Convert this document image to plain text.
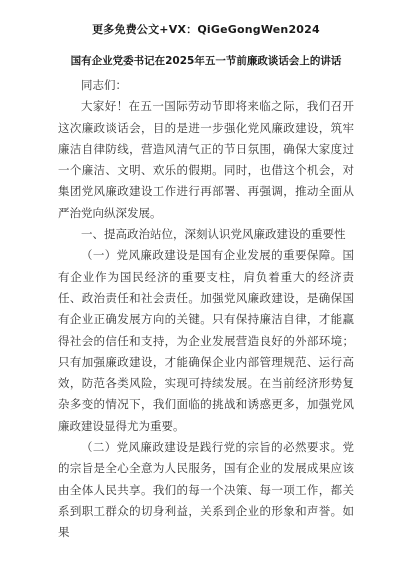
更多免费公文+VX：QiGeGongWen2024
国有企业党委书记在2025年五一节前廉政谈话会上的讲话
同志们：

大家好！在五一国际劳动节即将来临之际，我们召开这次廉政谈话会，目的是进一步强化党风廉政建设，筑牢廉洁自律防线，营造风清气正的节日氛围，确保大家度过一个廉洁、文明、欢乐的假期。同时，也借这个机会，对集团党风廉政建设工作进行再部署、再强调，推动全面从严治党向纵深发展。

一、提高政治站位，深刻认识党风廉政建设的重要性

（一）党风廉政建设是国有企业发展的重要保障。国有企业作为国民经济的重要支柱，肩负着重大的经济责任、政治责任和社会责任。加强党风廉政建设，是确保国有企业正确发展方向的关键。只有保持廉洁自律，才能赢得社会的信任和支持，为企业发展营造良好的外部环境；只有加强廉政建设，才能确保企业内部管理规范、运行高效，防范各类风险，实现可持续发展。在当前经济形势复杂多变的情况下，我们面临的挑战和诱惑更多，加强党风廉政建设显得尤为重要。

（二）党风廉政建设是践行党的宗旨的必然要求。党的宗旨是全心全意为人民服务，国有企业的发展成果应该由全体人民共享。我们的每一个决策、每一项工作，都关系到职工群众的切身利益，关系到企业的形象和声誉。如果
